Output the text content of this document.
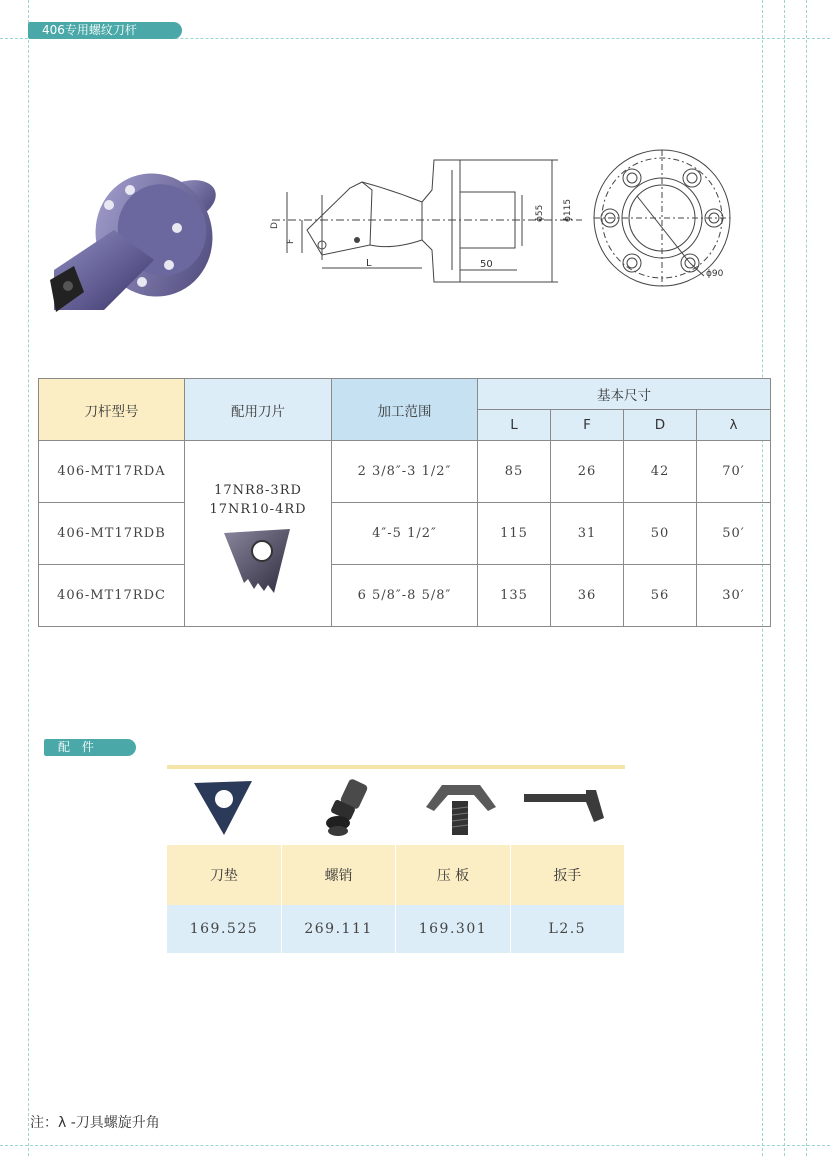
406专用螺纹刀杆
D
F
L	50
ϕ55 ϕ115
ϕ90
刀杆型号	配用刀片	加工范围	基本尺寸			
			L	F	D	λ
406-MT17RDA	17NR8-3RD
17NR10-4RD	2 3/8″-3 1/2″	85	26	42	70′
406-MT17RDB		4″-5 1/2″	115	31	50	50′
406-MT17RDC		6 5/8″-8 5/8″	135	36	56	30′
配 件
刀垫	螺销	压 板	扳手
169.525	269.111	169.301	L2.5
注：λ -刀具螺旋升角
